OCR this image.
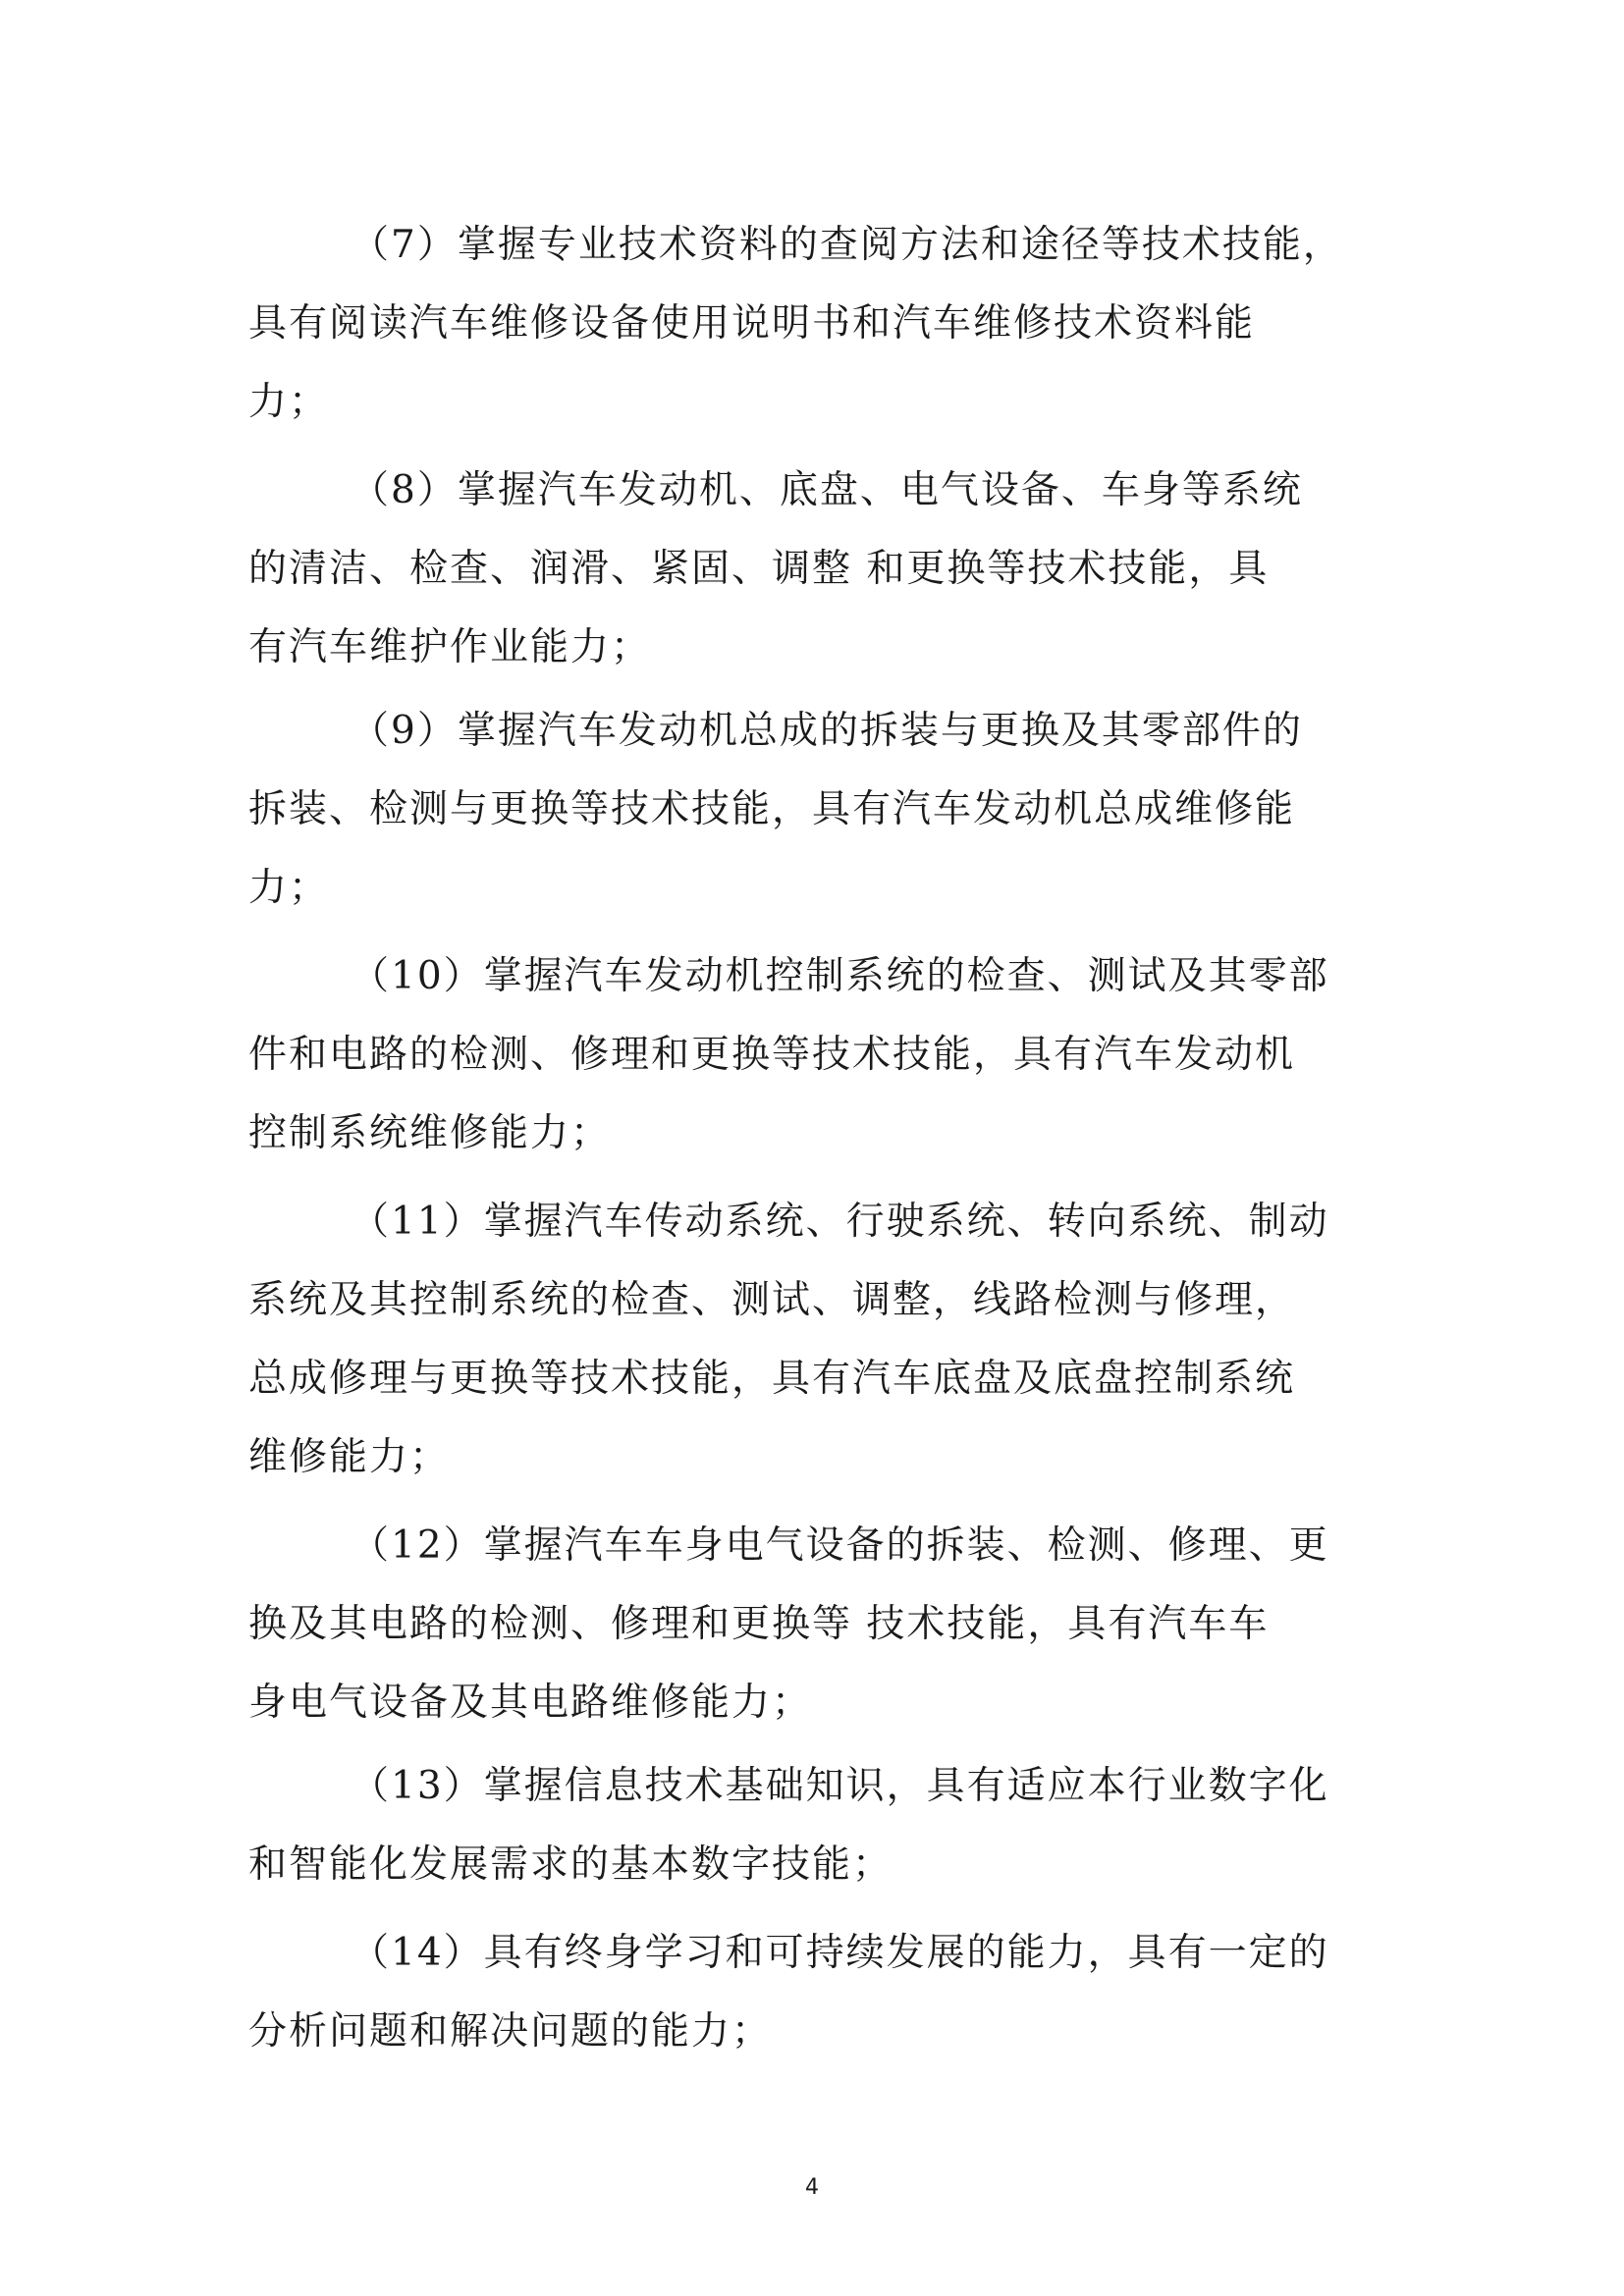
（7）掌握专业技术资料的查阅方法和途径等技术技能，
具有阅读汽车维修设备使用说明书和汽车维修技术资料能
力；
（8）掌握汽车发动机、底盘、电气设备、车身等系统
的清洁、检查、润滑、紧固、调整 和更换等技术技能，具
有汽车维护作业能力；
（9）掌握汽车发动机总成的拆装与更换及其零部件的
拆装、检测与更换等技术技能，具有汽车发动机总成维修能
力；
（10）掌握汽车发动机控制系统的检查、测试及其零部
件和电路的检测、修理和更换等技术技能，具有汽车发动机
控制系统维修能力；
（11）掌握汽车传动系统、行驶系统、转向系统、制动
系统及其控制系统的检查、测试、调整，线路检测与修理，
总成修理与更换等技术技能，具有汽车底盘及底盘控制系统
维修能力；
（12）掌握汽车车身电气设备的拆装、检测、修理、更
换及其电路的检测、修理和更换等 技术技能，具有汽车车
身电气设备及其电路维修能力；
（13）掌握信息技术基础知识，具有适应本行业数字化
和智能化发展需求的基本数字技能；
（14）具有终身学习和可持续发展的能力，具有一定的
分析问题和解决问题的能力；
4
